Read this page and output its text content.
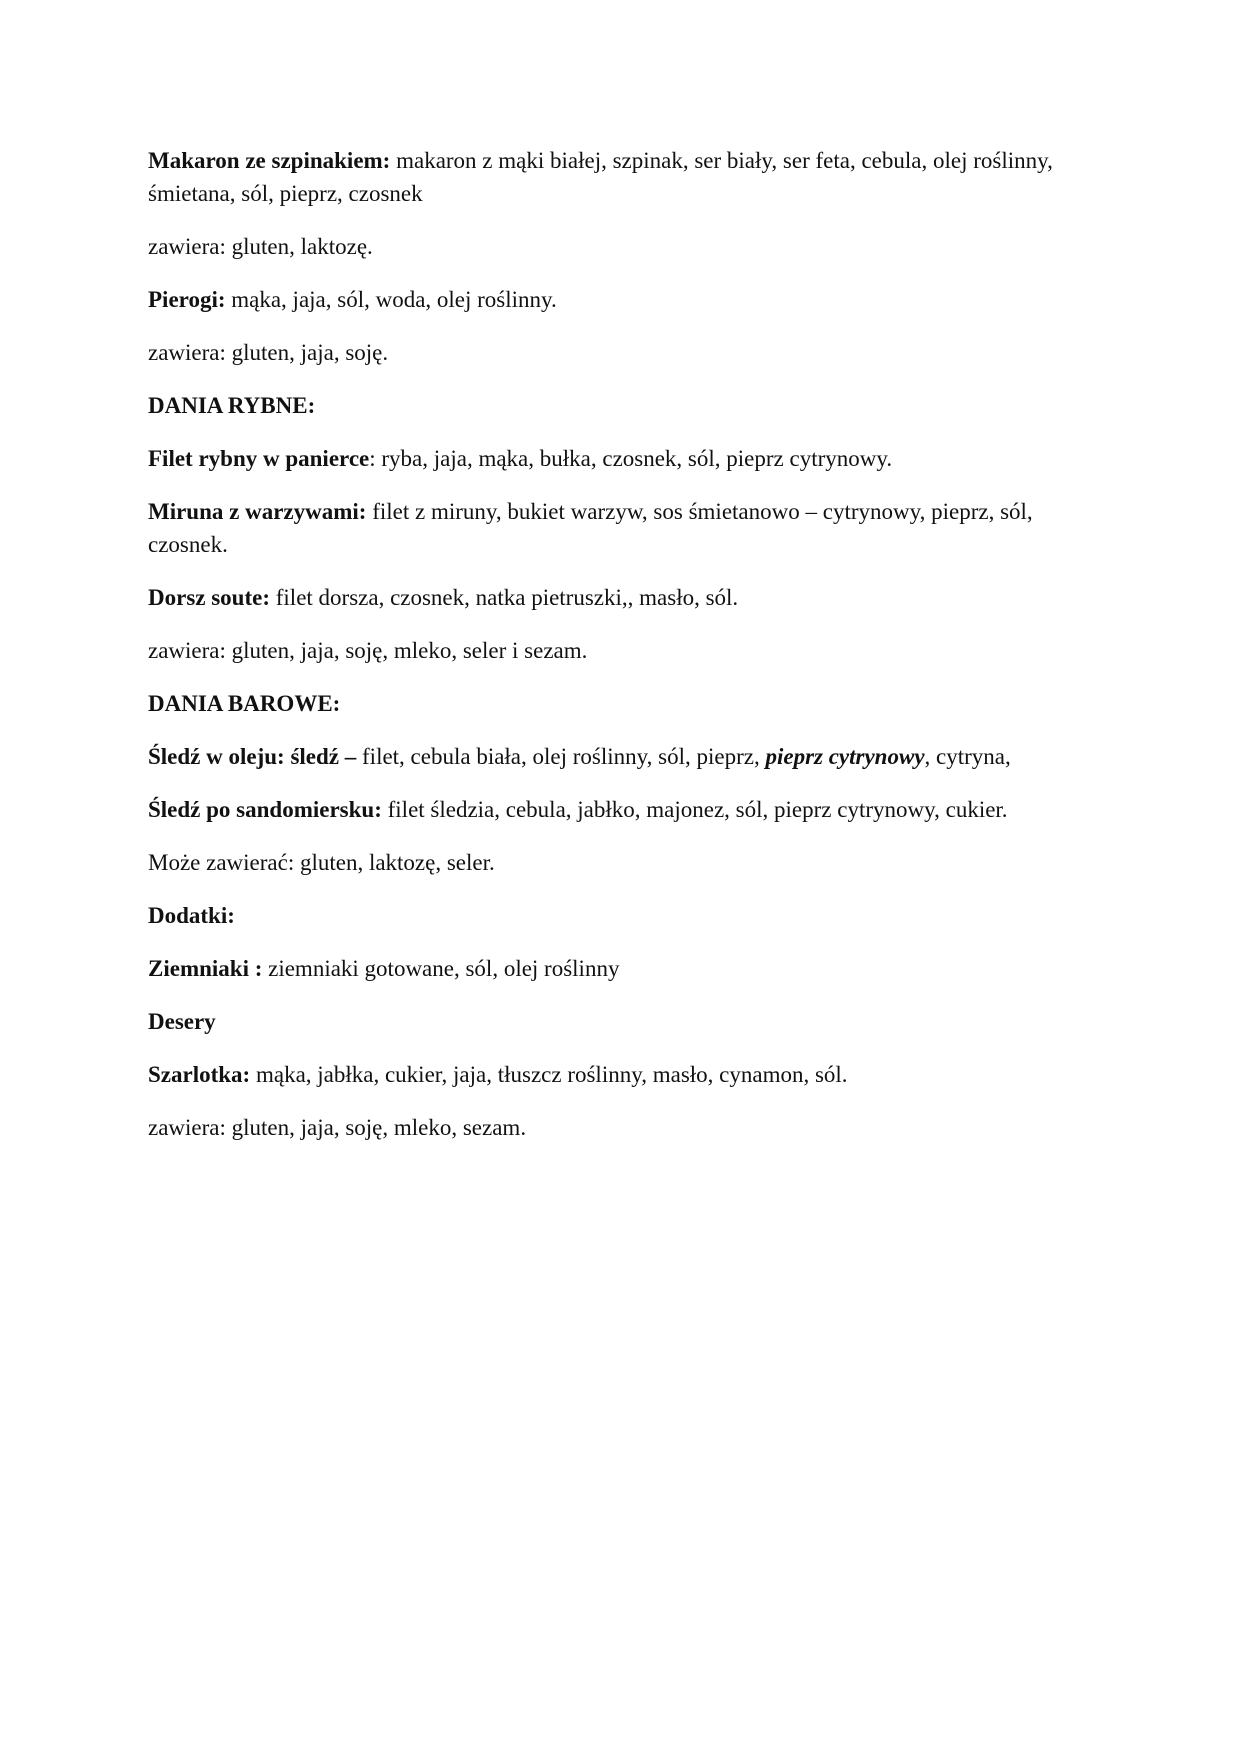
Makaron ze szpinakiem: makaron z mąki białej, szpinak, ser biały, ser feta, cebula, olej roślinny, śmietana, sól, pieprz, czosnek

zawiera: gluten, laktozę.

Pierogi: mąka, jaja, sól, woda, olej roślinny.

zawiera: gluten, jaja, soję.

DANIA RYBNE:

Filet rybny w panierce: ryba, jaja, mąka, bułka, czosnek, sól, pieprz cytrynowy.

Miruna z warzywami: filet z miruny, bukiet warzyw, sos śmietanowo – cytrynowy, pieprz, sól, czosnek.

Dorsz soute: filet dorsza, czosnek, natka pietruszki,, masło, sól.

zawiera: gluten, jaja, soję, mleko, seler i sezam.

DANIA BAROWE:

Śledź w oleju: śledź – filet, cebula biała, olej roślinny, sól, pieprz, pieprz cytrynowy, cytryna,

Śledź po sandomiersku: filet śledzia, cebula, jabłko, majonez, sól, pieprz cytrynowy, cukier.

Może zawierać: gluten, laktozę, seler.

Dodatki:

Ziemniaki : ziemniaki gotowane, sól, olej roślinny

Desery

Szarlotka: mąka, jabłka, cukier, jaja, tłuszcz roślinny, masło, cynamon, sól.

zawiera: gluten, jaja, soję, mleko, sezam.
